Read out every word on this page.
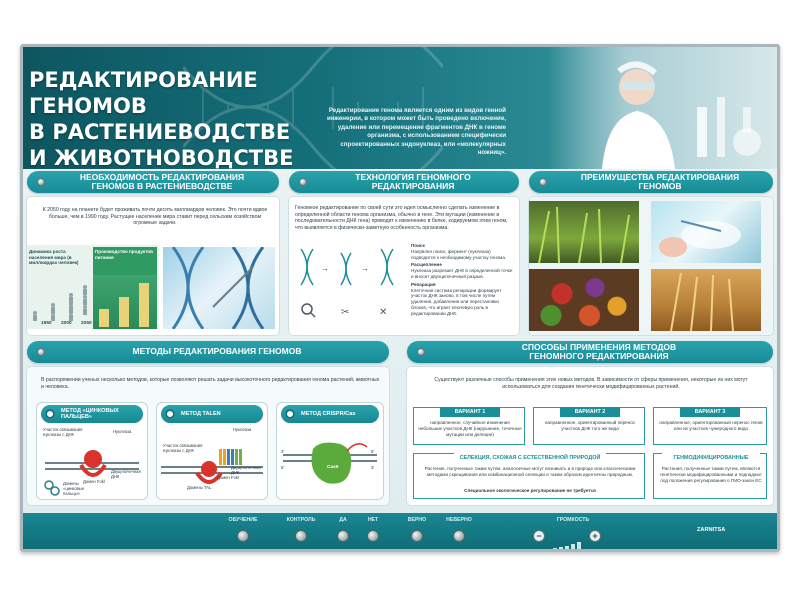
РЕДАКТИРОВАНИЕ ГЕНОМОВ
В РАСТЕНИЕВОДСТВЕ
И ЖИВОТНОВОДСТВЕ
Редактирование генома является одним из видов генной инженерии, в котором может быть проведено включение, удаление или перемещение фрагментов ДНК в геноме организма, с использованием специфически спроектированных эндонуклеаз, или «молекулярных ножниц».
НЕОБХОДИМОСТЬ РЕДАКТИРОВАНИЯ
ГЕНОМОВ В РАСТЕНИЕВОДСТВЕ
К 2050 году на планете будет проживать почти десять миллиардов человек. Это почти вдвое больше, чем в 1990 году. Растущее население мира ставит перед сельским хозяйством огромные задачи.
Динамика роста населения мира (в миллиардах человек)
Производство продуктов питания
1950 2000 2050
ТЕХНОЛОГИЯ ГЕНОМНОГО
РЕДАКТИРОВАНИЯ
Геномное редактирование по своей сути это идея осмысленно сделать изменение в определенной области генома организма, обычно в гене. Эти мутации (изменение в последовательности ДНК гена) приводят к изменению в белке, кодируемом этим геном, что выявляется в физически-заметную особенность организма.
→	→
✂	✕
Поиск
Напрвлен поиск, фермент (нуклеаза) подводится к необходимому участку генома.
Расщепление
Нуклеаза разрезает ДНК в определенной точке и вносит двухцепочечный разрыв.
Репарация
Клеточная система репарации формирует участок ДНК заново, в том числе путем удаления, добавления или перестановки блоков, что играет ключевую роль в редактировании ДНК.
ПРЕИМУЩЕСТВА РЕДАКТИРОВАНИЯ
ГЕНОМОВ
МЕТОДЫ РЕДАКТИРОВАНИЯ ГЕНОМОВ
В распоряжении ученых несколько методов, которые позволяют решать задачи высокоточного редактирования генома растений, животных и человека.
МЕТОД «ЦИНКОВЫХ
ПАЛЬЦЕВ»
Участок связывания нуклеазы с ДНК
Нуклеаза
Двуцепочечная ДНК
Домен Fokl
Домены «цинковые пальцы»
МЕТОД TALEN
Участок связывания нуклеазы с ДНК
Нуклеаза
Домен Fokl
Двуцепочечная ДНК
Домены TAL
МЕТОД CRISPR/Cas
3'	5'
Cas9
5'	3'
СПОСОБЫ ПРИМЕНЕНИЯ МЕТОДОВ
ГЕНОМНОГО РЕДАКТИРОВАНИЯ
Существуют различные способы применения этих новых методов. В зависимости от сферы применения, некоторые из них могут использоваться для создания генетически модифицированных растений.
ВАРИАНТ 1
направленное, случайное изменение небольших участков ДНК (нарушение, точечные мутации или делеция)
ВАРИАНТ 2
направленное, ориентированный перенос участков ДНК того же вида
ВАРИАНТ 3
направленное, ориентированный перенос генов или их участков чужеродного вида
СЕЛЕКЦИЯ, СХОЖАЯ С ЕСТЕСТВЕННОЙ ПРИРОДОЙ
Растения, полученные таким путем, аналогичные могут возникать и в природе или классическими методами скрещивания или комбинационной селекции и таким образом идентичны природным.
Специальное экологическое регулирование не требуется
ГЕНМОДИФИЦИРОВАННЫЕ
Растения, полученные таким путем, являются генетически модифицированными и подпадают под положения регулирования о ГМО-закон ЕС
ОБУЧЕНИЕ	КОНТРОЛЬ	ДА	НЕТ	ВЕРНО	НЕВЕРНО	ГРОМКОСТЬ
−	+
ZARNITSA
